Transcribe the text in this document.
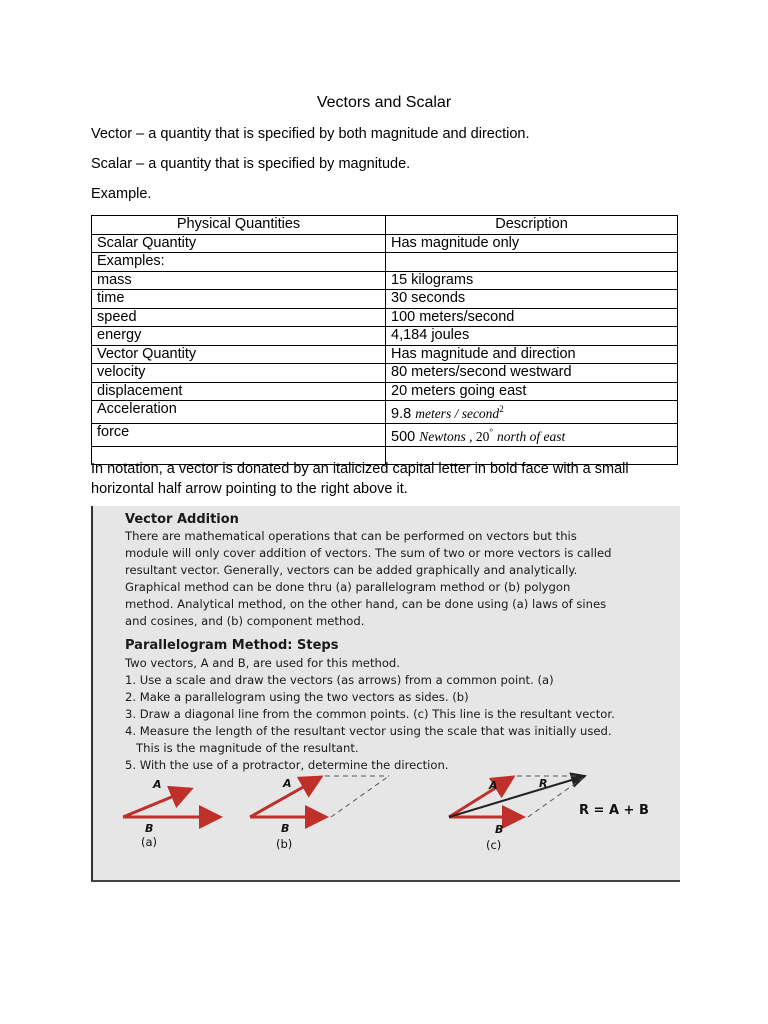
Vectors and Scalar
Vector – a quantity that is specified by both magnitude and direction.
Scalar – a quantity that is specified by magnitude.
Example.
Physical Quantities	Description
Scalar Quantity	Has magnitude only
Examples:	
mass	15 kilograms
time	30 seconds
speed	100 meters/second
energy	4,184 joules
Vector Quantity	Has magnitude and direction
velocity	80 meters/second westward
displacement	20 meters going east
Acceleration	9.8 meters / second$^2$
force	500 Newtons , 20° north of east

In notation, a vector is donated by an italicized capital letter in bold face with a small horizontal half arrow pointing to the right above it.
Vector Addition
There are mathematical operations that can be performed on vectors but this
module will only cover addition of vectors. The sum of two or more vectors is called
resultant vector. Generally, vectors can be added graphically and analytically.
Graphical method can be done thru (a) parallelogram method or (b) polygon
method. Analytical method, on the other hand, can be done using (a) laws of sines
and cosines, and (b) component method.
Parallelogram Method: Steps
Two vectors, A and B, are used for this method.
1. Use a scale and draw the vectors (as arrows) from a common point. (a)
2. Make a parallelogram using the two vectors as sides. (b)
3. Draw a diagonal line from the common points. (c) This line is the resultant vector.
4. Measure the length of the resultant vector using the scale that was initially used.
This is the magnitude of the resultant.
5. With the use of a protractor, determine the direction.
A
B
(a)
A
B
(b)
A	R
B
(c)
R = A + B
